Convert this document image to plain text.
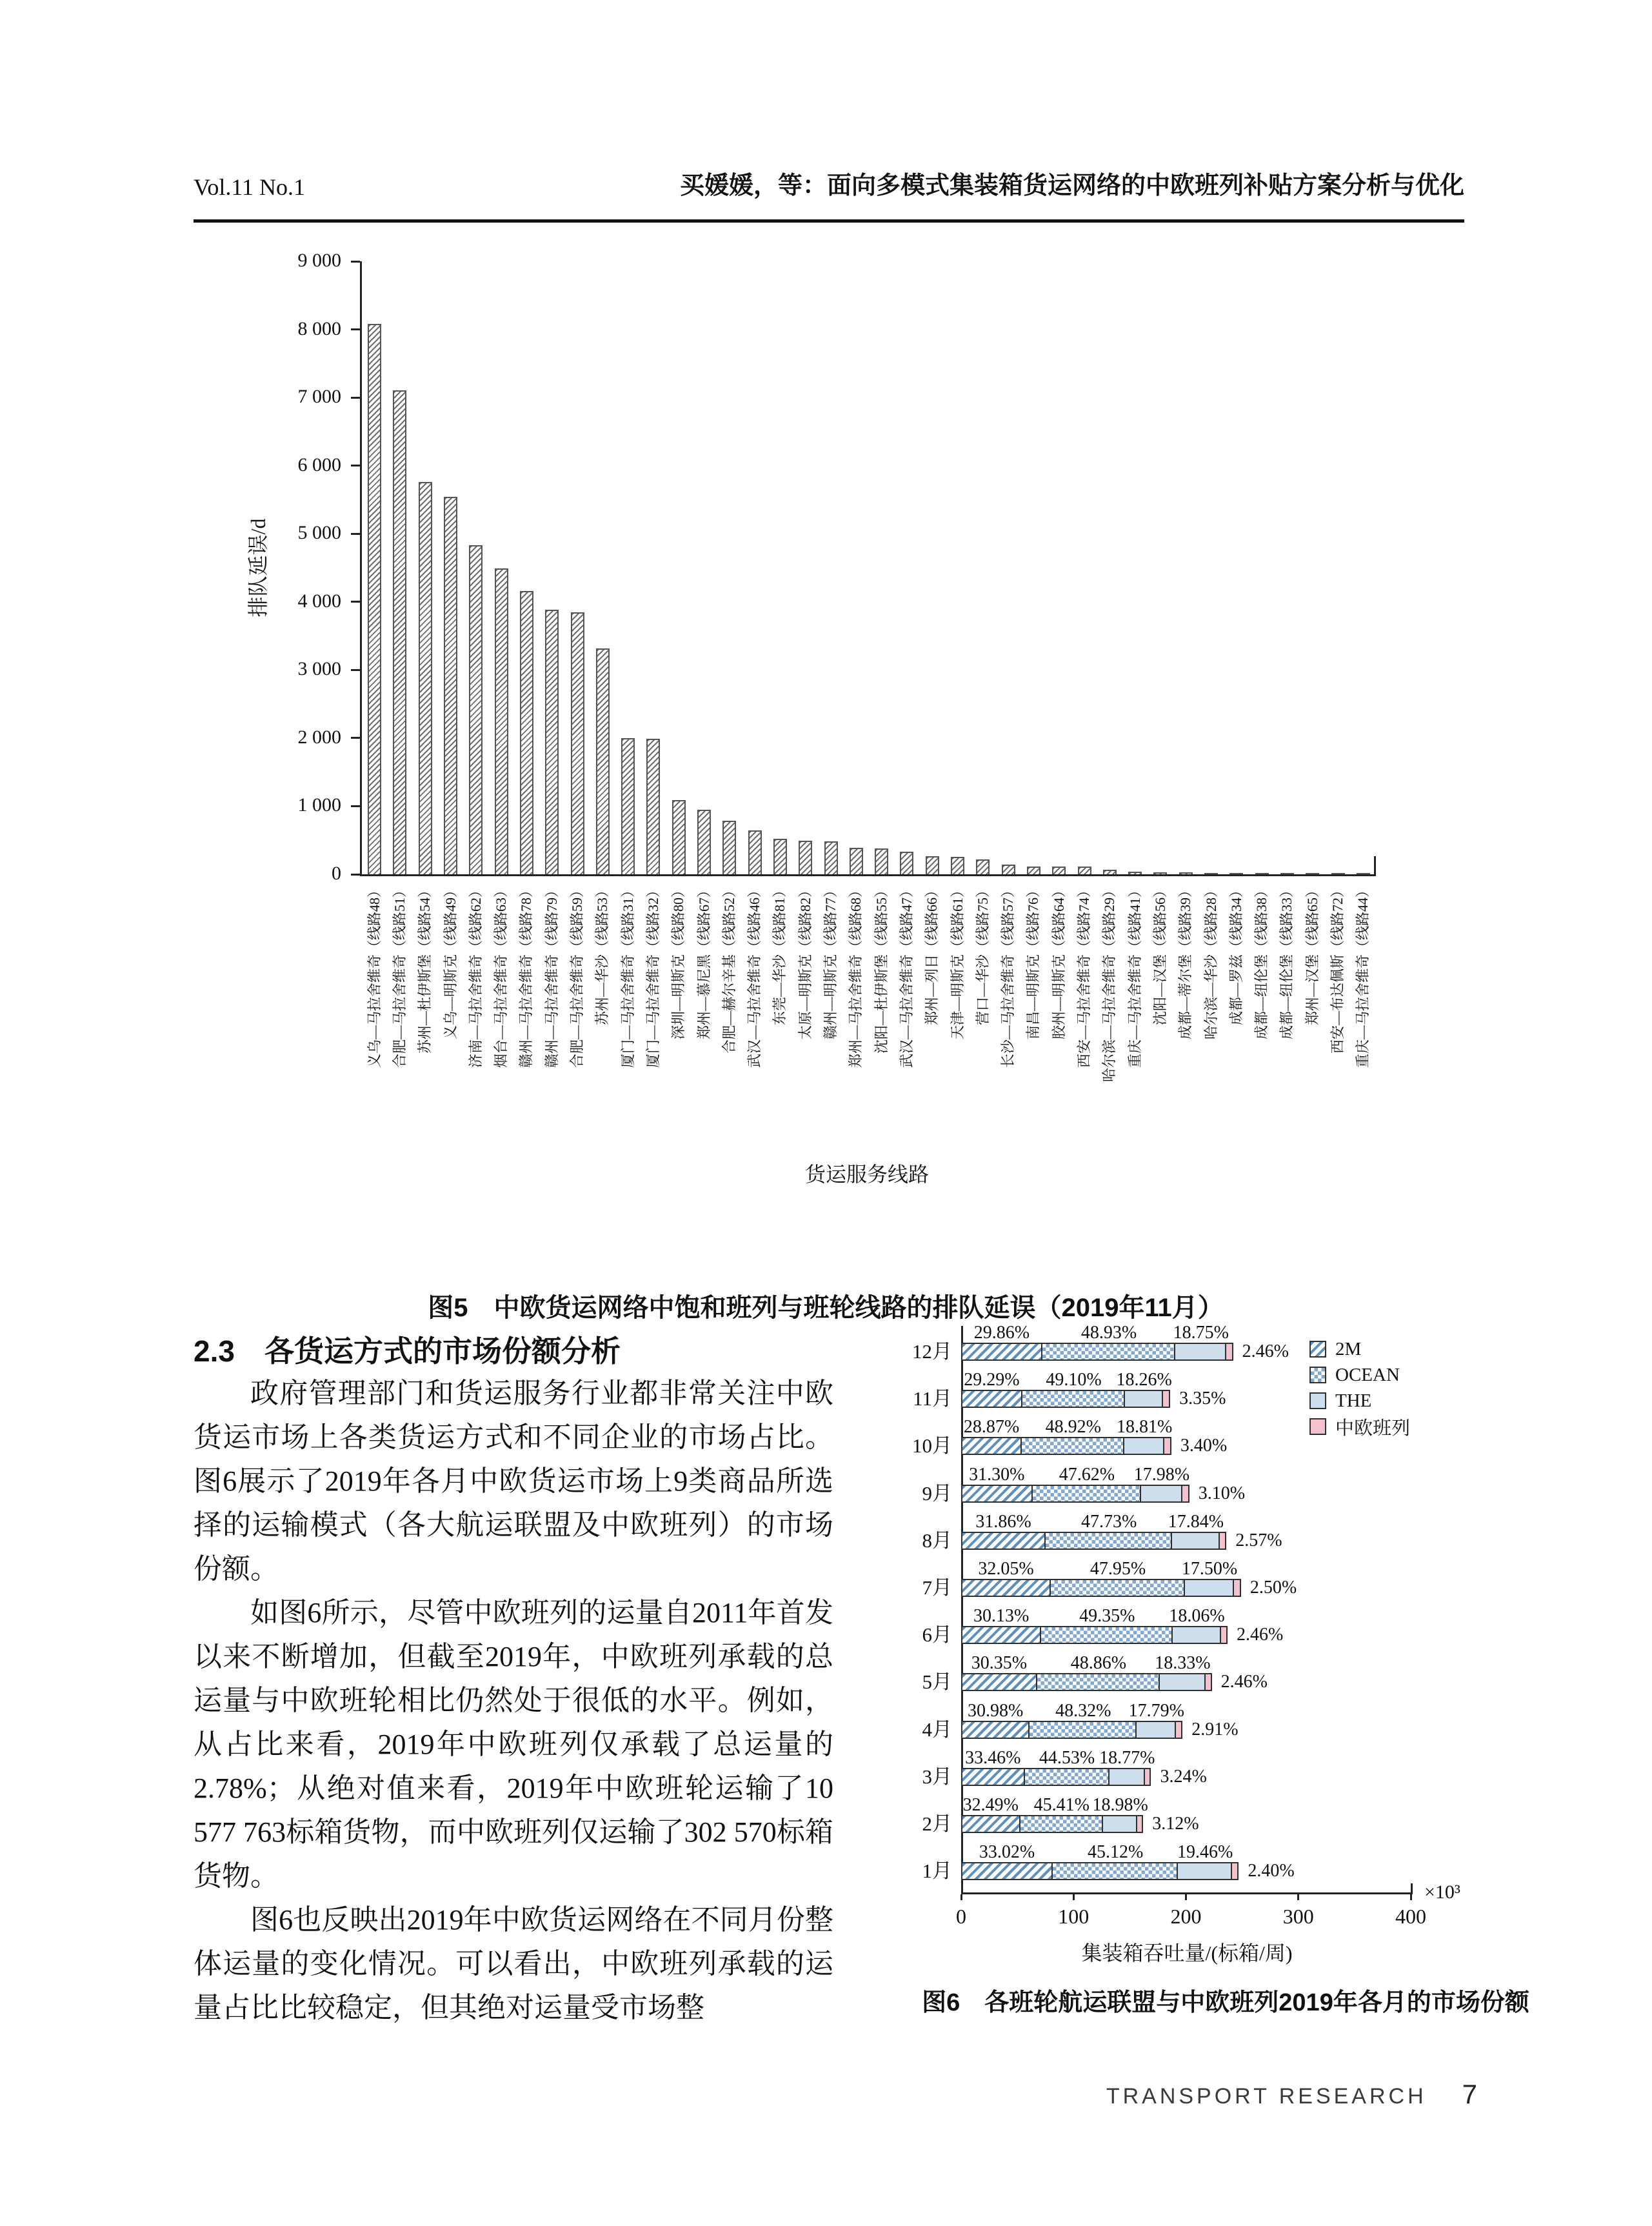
Vol.11 No.1	买媛媛，等：面向多模式集装箱货运网络的中欧班列补贴方案分析与优化
0
1 000
2 000
3 000
4 000
5 000
6 000
7 000
8 000
9 000
义乌—马拉舍维奇（线路48） 合肥—马拉舍维奇（线路51） 苏州—杜伊斯堡（线路54） 义乌—明斯克（线路49） 济南—马拉舍维奇（线路62） 烟台—马拉舍维奇（线路63） 赣州—马拉舍维奇（线路78） 赣州—马拉舍维奇（线路79） 合肥—马拉舍维奇（线路59） 苏州—华沙（线路53） 厦门—马拉舍维奇（线路31） 厦门—马拉舍维奇（线路32） 深圳—明斯克（线路80） 郑州—慕尼黑（线路67） 合肥—赫尔辛基（线路52） 武汉—马拉舍维奇（线路46） 东莞—华沙（线路81） 太原—明斯克（线路82） 赣州—明斯克（线路77） 郑州—马拉舍维奇（线路68） 沈阳—杜伊斯堡（线路55） 武汉—马拉舍维奇（线路47） 郑州—列日（线路66） 天津—明斯克（线路61） 营口—华沙（线路75） 长沙—马拉舍维奇（线路57） 南昌—明斯克（线路76） 胶州—明斯克（线路64） 西安—马拉舍维奇（线路74） 哈尔滨—马拉舍维奇（线路29） 重庆—马拉舍维奇（线路41） 沈阳—汉堡（线路56） 成都—蒂尔堡（线路39） 哈尔滨—华沙（线路28） 成都—罗兹（线路34） 成都—纽伦堡（线路38） 成都—纽伦堡（线路33） 郑州—汉堡（线路65） 西安—布达佩斯（线路72） 重庆—马拉舍维奇（线路44）
排队延误/d
货运服务线路
图5　中欧货运网络中饱和班列与班轮线路的排队延误（2019年11月）
2.3　各货运方式的市场份额分析

政府管理部门和货运服务行业都非常关注中欧货运市场上各类货运方式和不同企业的市场占比。图6展示了2019年各月中欧货运市场上9类商品所选择的运输模式（各大航运联盟及中欧班列）的市场份额。

如图6所示，尽管中欧班列的运量自2011年首发以来不断增加，但截至2019年，中欧班列承载的总运量与中欧班轮相比仍然处于很低的水平。例如，从占比来看，2019年中欧班列仅承载了总运量的2.78%；从绝对值来看，2019年中欧班轮运输了10 577 763标箱货物，而中欧班列仅运输了302 570标箱货物。

图6也反映出2019年中欧货运网络在不同月份整体运量的变化情况。可以看出，中欧班列承载的运量占比比较稳定，但其绝对运量受市场整

12月
29.86%	48.93% 18.75%
2.46%
11月
29.29% 49.10% 18.26%
3.35%
10月
28.87% 48.92% 18.81%
3.40%
9月
31.30% 47.62% 17.98%
3.10%
8月
31.86%	47.73% 17.84%
2.57%
7月
32.05%	47.95% 17.50%
2.50%
6月
30.13%	49.35% 18.06%
2.46%
5月
30.35% 48.86% 18.33%
2.46%
4月
30.98% 48.32% 17.79%
2.91%
3月
33.46% 44.53% 18.77%
3.24%
2月
32.49% 45.41% 18.98%
3.12%
1月
33.02%	45.12% 19.46%
2.40%
0	100	200	300	400
×10³
2M
OCEAN
THE
中欧班列
集装箱吞吐量/(标箱/周)
图6　各班轮航运联盟与中欧班列2019年各月的市场份额
TRANSPORT RESEARCH 7
